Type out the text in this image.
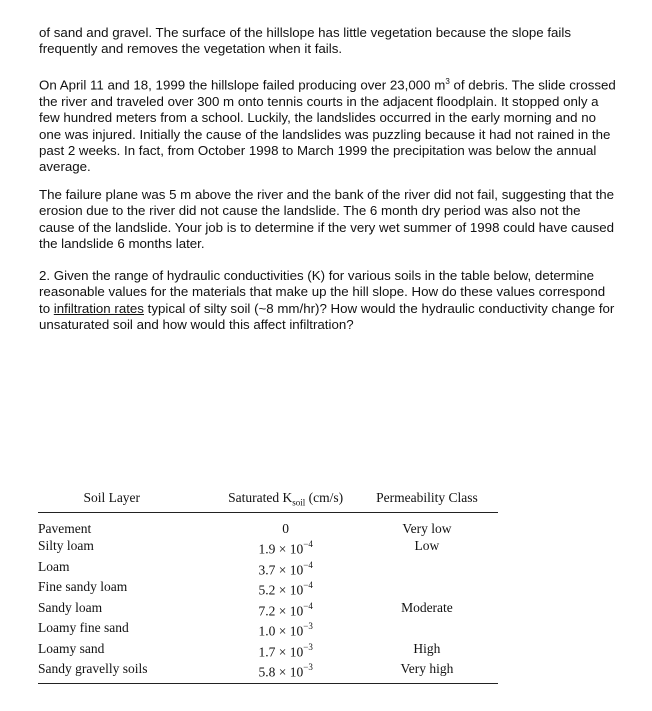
of sand and gravel. The surface of the hillslope has little vegetation because the slope fails frequently and removes the vegetation when it fails.

On April 11 and 18, 1999 the hillslope failed producing over 23,000 $m^3$ of debris. The slide crossed the river and traveled over 300 m onto tennis courts in the adjacent floodplain. It stopped only a few hundred meters from a school. Luckily, the landslides occurred in the early morning and no one was injured. Initially the cause of the landslides was puzzling because it had not rained in the past 2 weeks. In fact, from October 1998 to March 1999 the precipitation was below the annual average.

The failure plane was 5 m above the river and the bank of the river did not fail, suggesting that the erosion due to the river did not cause the landslide. The 6 month dry period was also not the cause of the landslide. Your job is to determine if the very wet summer of 1998 could have caused the landslide 6 months later.

2. Given the range of hydraulic conductivities (K) for various soils in the table below, determine reasonable values for the materials that make up the hill slope. How do these values correspond to infiltration rates typical of silty soil (~8 mm/hr)? How would the hydraulic conductivity change for unsaturated soil and how would this affect infiltration?

Soil Layer	Saturated $K_{soil}$ (cm/s)	Permeability Class
Pavement	0	Very low
Silty loam	$1.9 \times 10^{-4}$	Low
Loam	$3.7 \times 10^{-4}$	
Fine sandy loam	$5.2 \times 10^{-4}$	
Sandy loam	$7.2 \times 10^{-4}$	Moderate
Loamy fine sand	$1.0 \times 10^{-3}$	
Loamy sand	$1.7 \times 10^{-3}$	High
Sandy gravelly soils	$5.8 \times 10^{-3}$	Very high
